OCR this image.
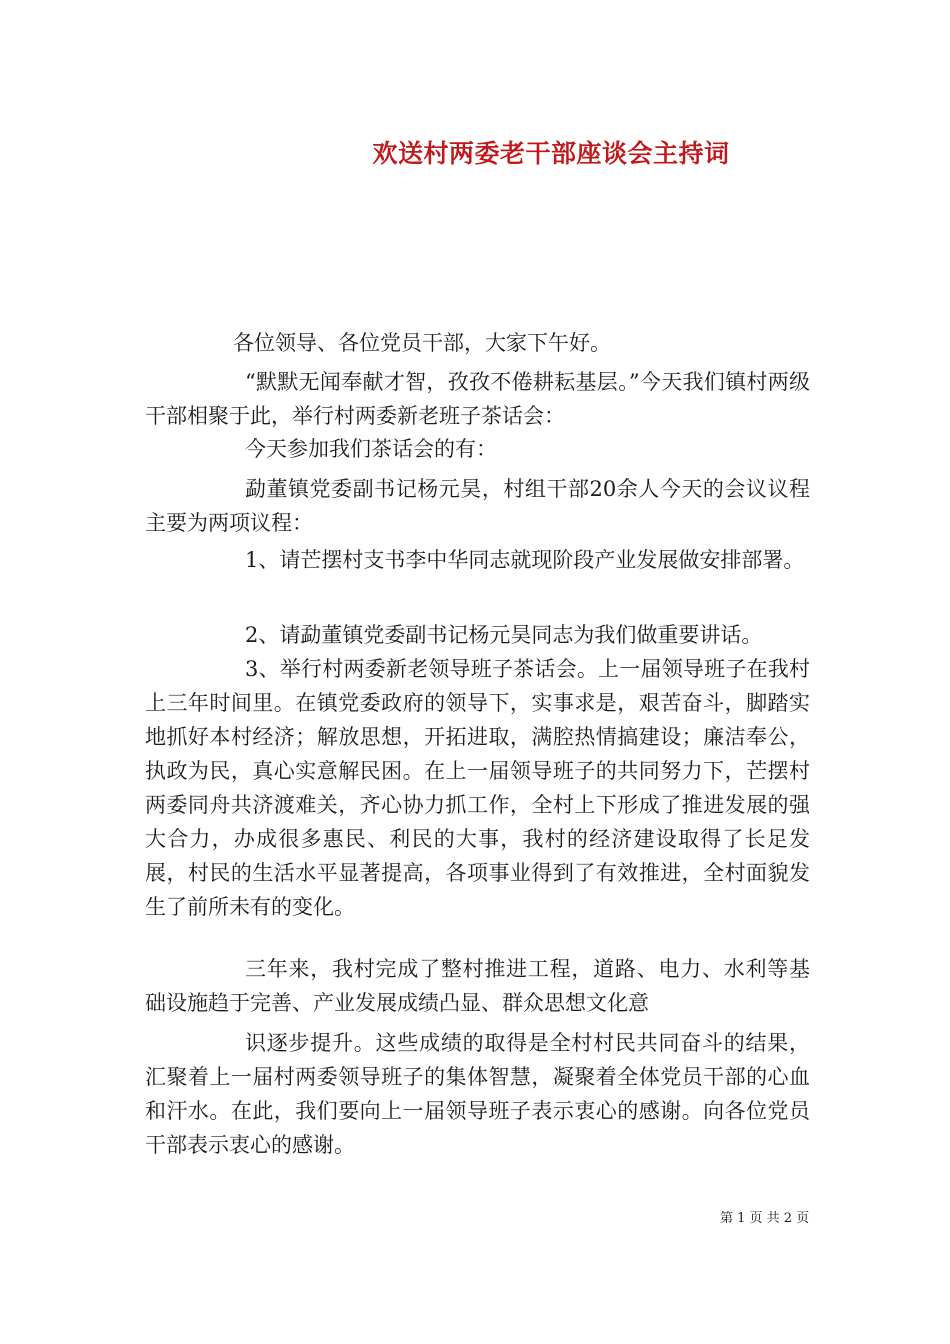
欢送村两委老干部座谈会主持词

各位领导、各位党员干部，大家下午好。

“默默无闻奉献才智，孜孜不倦耕耘基层。”今天我们镇村两级干部相聚于此，举行村两委新老班子茶话会：

今天参加我们茶话会的有：

勐董镇党委副书记杨元昊，村组干部20余人今天的会议议程主要为两项议程：

1、请芒摆村支书李中华同志就现阶段产业发展做安排部署。

2、请勐董镇党委副书记杨元昊同志为我们做重要讲话。

3、举行村两委新老领导班子茶话会。上一届领导班子在我村上三年时间里。在镇党委政府的领导下，实事求是，艰苦奋斗，脚踏实地抓好本村经济；解放思想，开拓进取，满腔热情搞建设；廉洁奉公，执政为民，真心实意解民困。在上一届领导班子的共同努力下，芒摆村两委同舟共济渡难关，齐心协力抓工作，全村上下形成了推进发展的强大合力，办成很多惠民、利民的大事，我村的经济建设取得了长足发展，村民的生活水平显著提高，各项事业得到了有效推进，全村面貌发生了前所未有的变化。

三年来，我村完成了整村推进工程，道路、电力、水利等基础设施趋于完善、产业发展成绩凸显、群众思想文化意

识逐步提升。这些成绩的取得是全村村民共同奋斗的结果，汇聚着上一届村两委领导班子的集体智慧，凝聚着全体党员干部的心血和汗水。在此，我们要向上一届领导班子表示衷心的感谢。向各位党员干部表示衷心的感谢。

第 1 页 共 2 页
